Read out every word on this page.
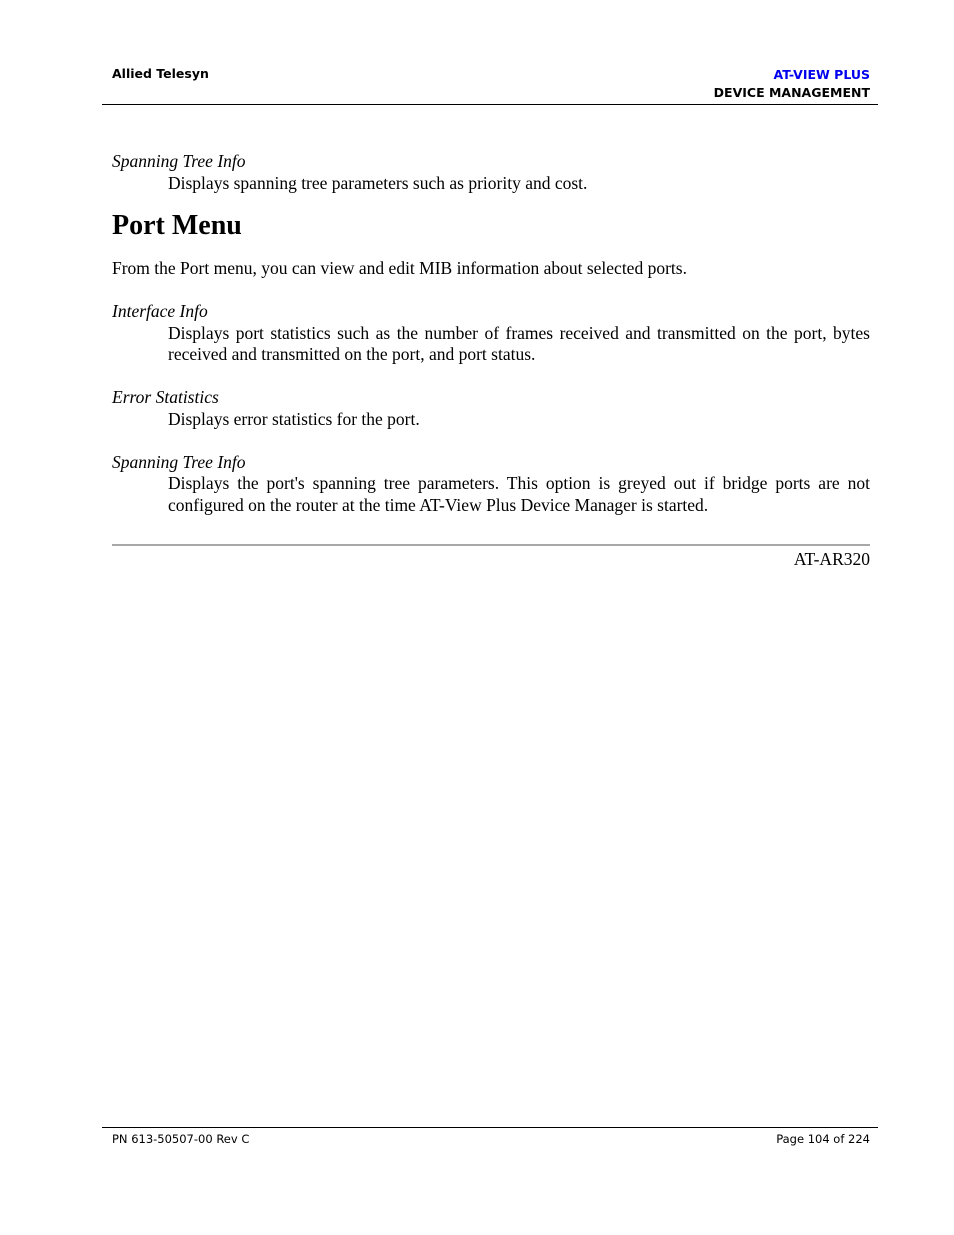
Allied Telesyn	AT-VIEW PLUS
DEVICE MANAGEMENT

Spanning Tree Info

Displays spanning tree parameters such as priority and cost.

Port Menu

From the Port menu, you can view and edit MIB information about selected ports.

Interface Info

Displays port statistics such as the number of frames received and transmitted on the port, bytes received and transmitted on the port, and port status.

Error Statistics

Displays error statistics for the port.

Spanning Tree Info

Displays the port's spanning tree parameters. This option is greyed out if bridge ports are not configured on the router at the time AT-View Plus Device Manager is started.

AT-AR320
PN 613-50507-00 Rev C	Page 104 of 224
